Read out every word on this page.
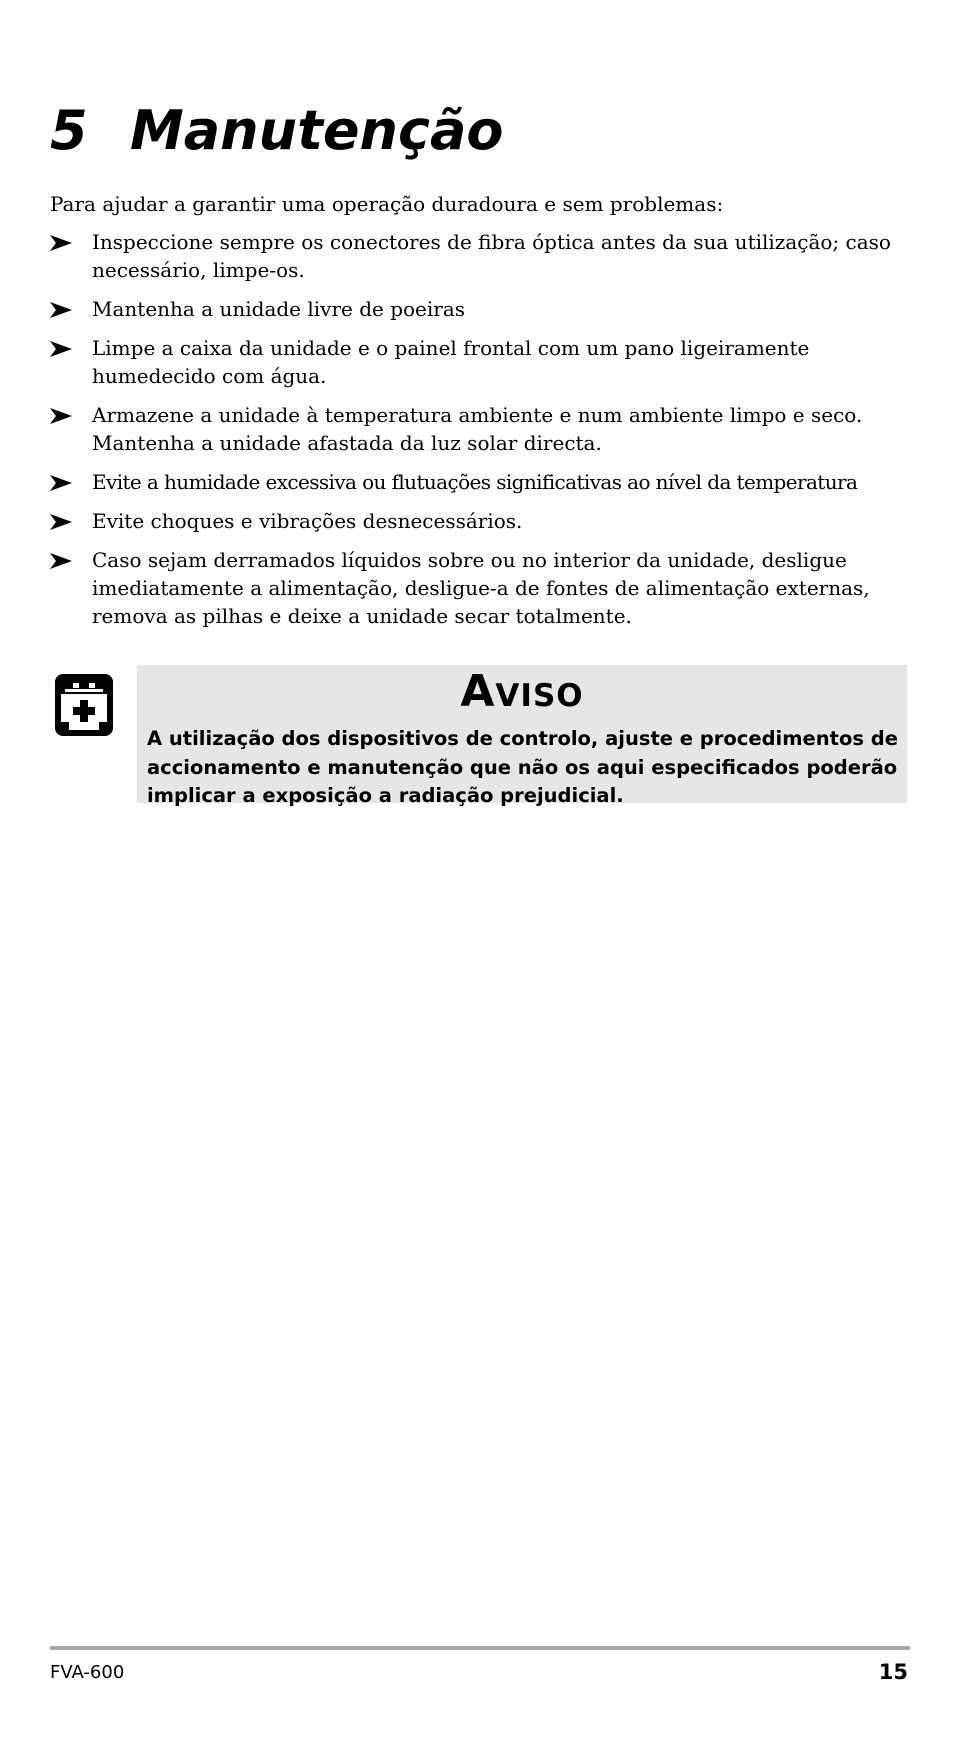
5 Manutenção

Para ajudar a garantir uma operação duradoura e sem problemas:

Inspeccione sempre os conectores de fibra óptica antes da sua utilização; caso necessário, limpe-os.
Mantenha a unidade livre de poeiras
Limpe a caixa da unidade e o painel frontal com um pano ligeiramente humedecido com água.
Armazene a unidade à temperatura ambiente e num ambiente limpo e seco. Mantenha a unidade afastada da luz solar directa.
Evite a humidade excessiva ou flutuações significativas ao nível da temperatura
Evite choques e vibrações desnecessários.
Caso sejam derramados líquidos sobre ou no interior da unidade, desligue imediatamente a alimentação, desligue-a de fontes de alimentação externas, remova as pilhas e deixe a unidade secar totalmente.
Aviso

A utilização dos dispositivos de controlo, ajuste e procedimentos de accionamento e manutenção que não os aqui especificados poderão implicar a exposição a radiação prejudicial.

FVA-600	15
